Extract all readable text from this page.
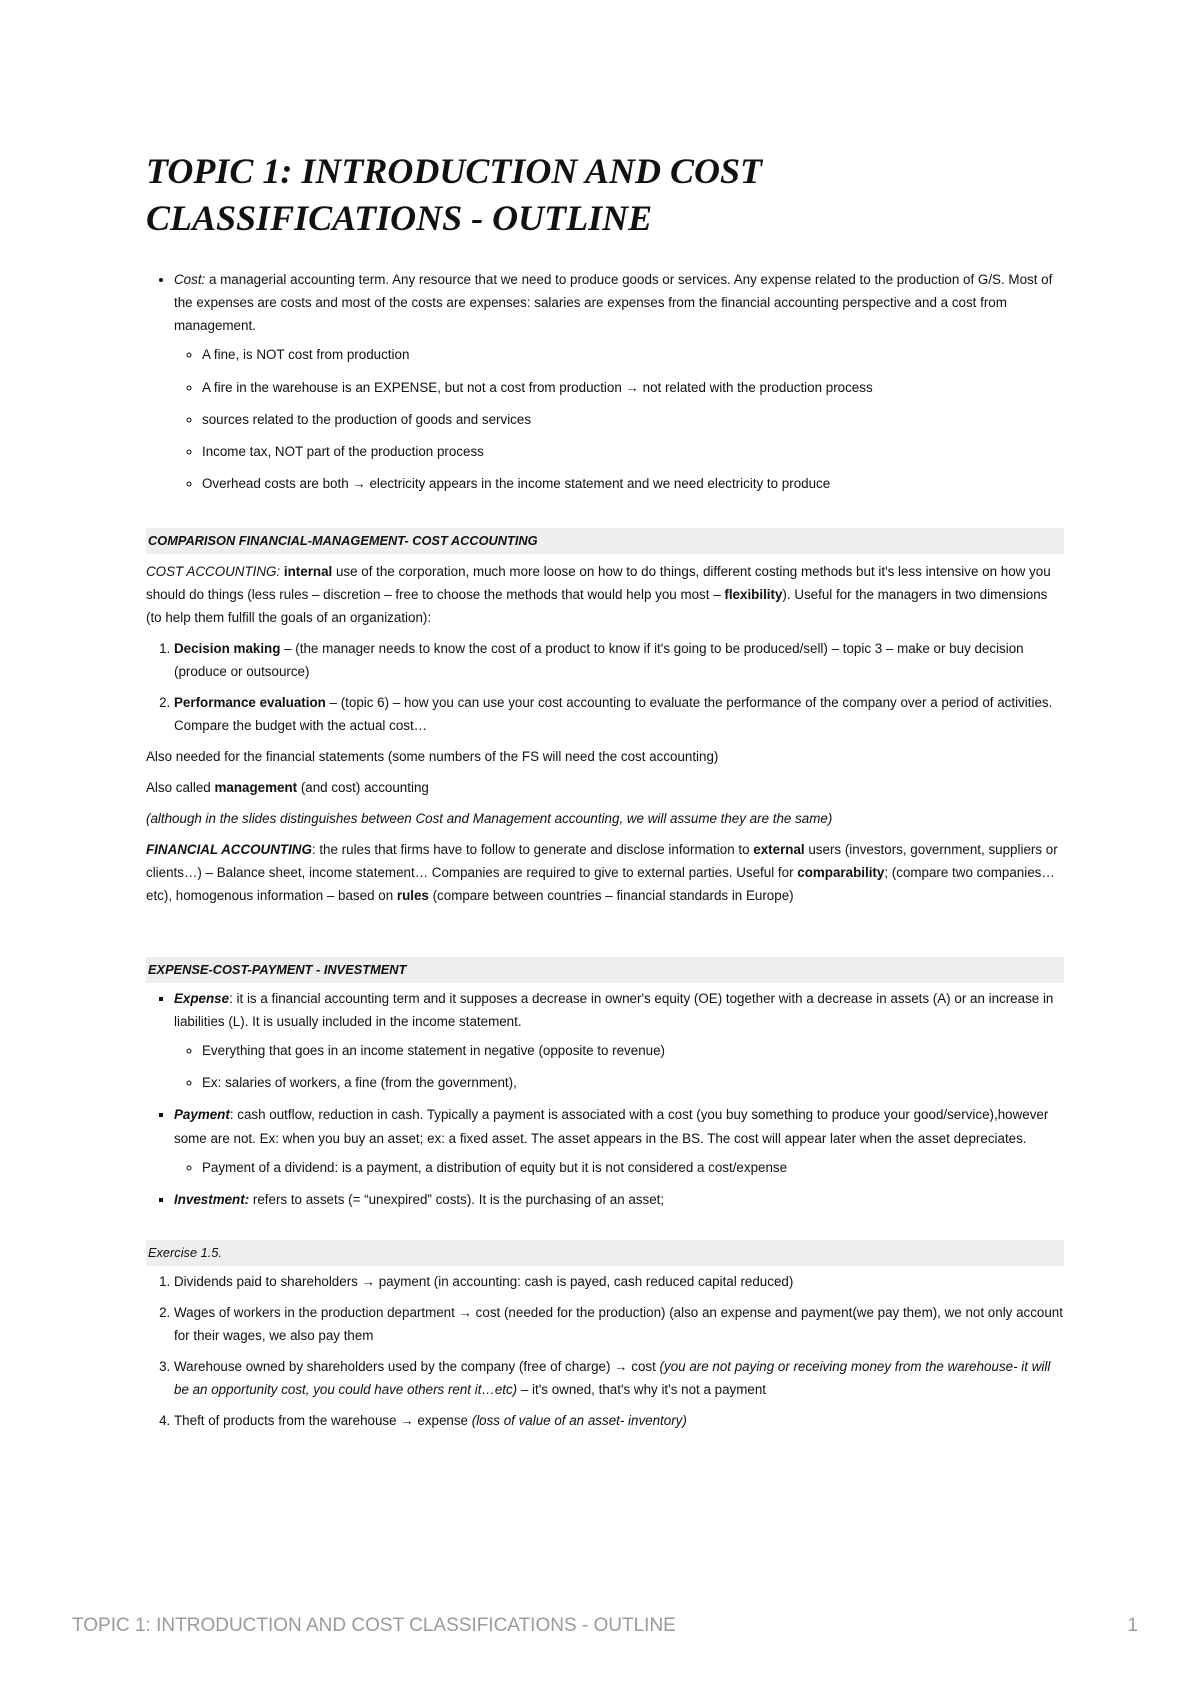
TOPIC 1: INTRODUCTION AND COST
CLASSIFICATIONS - OUTLINE
• Cost: a managerial accounting term. Any resource that we need to produce goods or services. Any expense related to the production of G/S. Most of the expenses are costs and most of the costs are expenses: salaries are expenses from the financial accounting perspective and a cost from management.
◦ A fine, is NOT cost from production
◦ A fire in the warehouse is an EXPENSE, but not a cost from production → not related with the production process
◦ sources related to the production of goods and services
◦ Income tax, NOT part of the production process
◦ Overhead costs are both → electricity appears in the income statement and we need electricity to produce
COMPARISON FINANCIAL-MANAGEMENT- COST ACCOUNTING

COST ACCOUNTING: internal use of the corporation, much more loose on how to do things, different costing methods but it's less intensive on how you should do things (less rules – discretion – free to choose the methods that would help you most – flexibility). Useful for the managers in two dimensions (to help them fulfill the goals of an organization):

1. Decision making – (the manager needs to know the cost of a product to know if it's going to be produced/sell) – topic 3 – make or buy decision (produce or outsource)
2. Performance evaluation – (topic 6) – how you can use your cost accounting to evaluate the performance of the company over a period of activities. Compare the budget with the actual cost…

Also needed for the financial statements (some numbers of the FS will need the cost accounting)

Also called management (and cost) accounting

(although in the slides distinguishes between Cost and Management accounting, we will assume they are the same)

FINANCIAL ACCOUNTING: the rules that firms have to follow to generate and disclose information to external users (investors, government, suppliers or clients…) – Balance sheet, income statement… Companies are required to give to external parties. Useful for comparability; (compare two companies…etc), homogenous information – based on rules (compare between countries – financial standards in Europe)

EXPENSE-COST-PAYMENT - INVESTMENT
▪ Expense: it is a financial accounting term and it supposes a decrease in owner's equity (OE) together with a decrease in assets (A) or an increase in liabilities (L). It is usually included in the income statement.
◦ Everything that goes in an income statement in negative (opposite to revenue)
◦ Ex: salaries of workers, a fine (from the government),
▪ Payment: cash outflow, reduction in cash. Typically a payment is associated with a cost (you buy something to produce your good/service),however some are not. Ex: when you buy an asset; ex: a fixed asset. The asset appears in the BS. The cost will appear later when the asset depreciates.
◦ Payment of a dividend: is a payment, a distribution of equity but it is not considered a cost/expense
▪ Investment: refers to assets (= “unexpired” costs). It is the purchasing of an asset;
Exercise 1.5.
1. Dividends paid to shareholders → payment (in accounting: cash is payed, cash reduced capital reduced)
2. Wages of workers in the production department → cost (needed for the production) (also an expense and payment(we pay them), we not only account for their wages, we also pay them
3. Warehouse owned by shareholders used by the company (free of charge) → cost (you are not paying or receiving money from the warehouse- it will be an opportunity cost, you could have others rent it…etc) – it's owned, that's why it's not a payment
4. Theft of products from the warehouse → expense (loss of value of an asset- inventory)
TOPIC 1: INTRODUCTION AND COST CLASSIFICATIONS - OUTLINE	1
